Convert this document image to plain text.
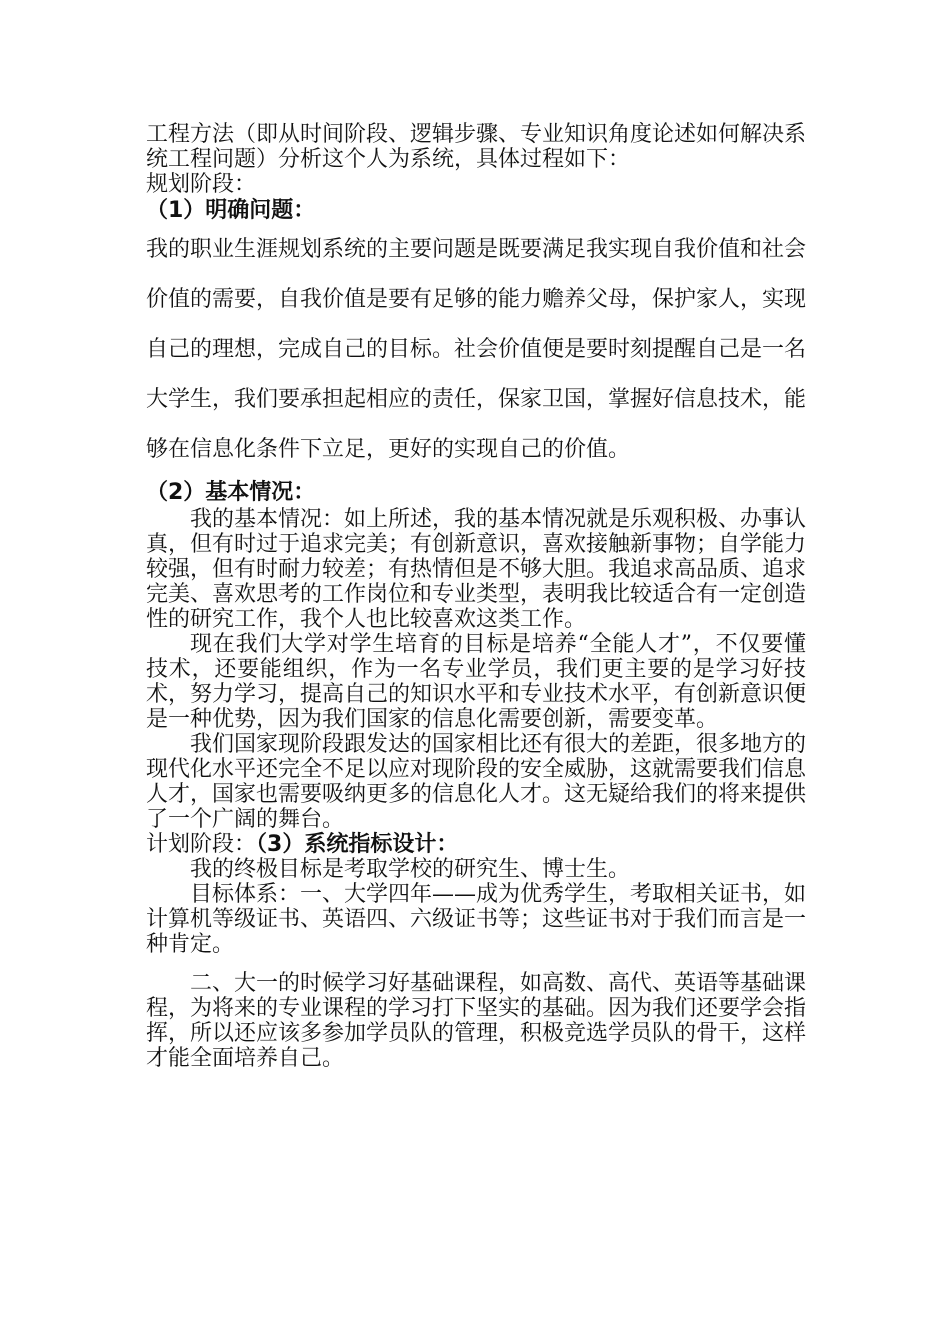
工程方法（即从时间阶段、逻辑步骤、专业知识角度论述如何解决系统工程问题）分析这个人为系统，具体过程如下：

规划阶段：

（1）明确问题：

我的职业生涯规划系统的主要问题是既要满足我实现自我价值和社会价值的需要，自我价值是要有足够的能力赡养父母，保护家人，实现自己的理想，完成自己的目标。社会价值便是要时刻提醒自己是一名大学生，我们要承担起相应的责任，保家卫国，掌握好信息技术，能够在信息化条件下立足，更好的实现自己的价值。

（2）基本情况：

我的基本情况：如上所述，我的基本情况就是乐观积极、办事认真，但有时过于追求完美；有创新意识，喜欢接触新事物；自学能力较强，但有时耐力较差；有热情但是不够大胆。我追求高品质、追求完美、喜欢思考的工作岗位和专业类型，表明我比较适合有一定创造性的研究工作，我个人也比较喜欢这类工作。

现在我们大学对学生培育的目标是培养“全能人才”，不仅要懂技术，还要能组织，作为一名专业学员，我们更主要的是学习好技术，努力学习，提高自己的知识水平和专业技术水平，有创新意识便是一种优势，因为我们国家的信息化需要创新，需要变革。

我们国家现阶段跟发达的国家相比还有很大的差距，很多地方的现代化水平还完全不足以应对现阶段的安全威胁，这就需要我们信息人才，国家也需要吸纳更多的信息化人才。这无疑给我们的将来提供了一个广阔的舞台。

计划阶段：（3）系统指标设计：

我的终极目标是考取学校的研究生、博士生。

目标体系：一、大学四年——成为优秀学生，考取相关证书，如计算机等级证书、英语四、六级证书等；这些证书对于我们而言是一种肯定。

二、大一的时候学习好基础课程，如高数、高代、英语等基础课程，为将来的专业课程的学习打下坚实的基础。因为我们还要学会指挥，所以还应该多参加学员队的管理，积极竞选学员队的骨干，这样才能全面培养自己。
